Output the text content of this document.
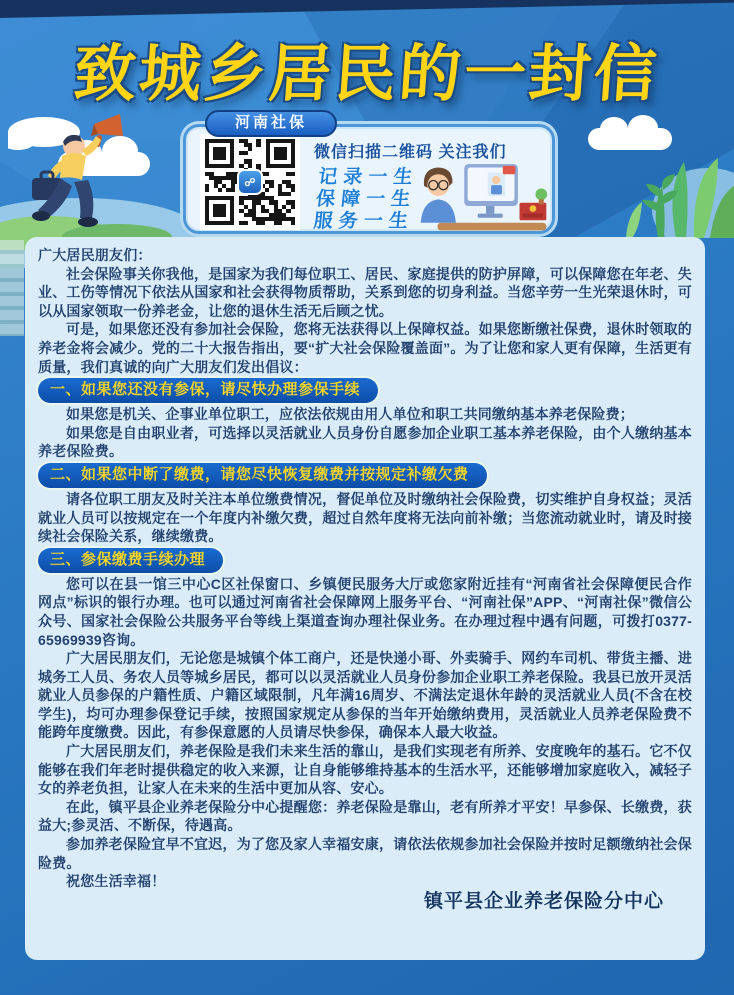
致城乡居民的一封信
河南社保
☍
微信扫描二维码 关注我们
记录一生
保障一生
服务一生

广大居民朋友们：

社会保险事关你我他，是国家为我们每位职工、居民、家庭提供的防护屏障，可以保障您在年老、失业、工伤等情况下依法从国家和社会获得物质帮助，关系到您的切身利益。当您辛劳一生光荣退休时，可以从国家领取一份养老金，让您的退休生活无后顾之忧。

可是，如果您还没有参加社会保险，您将无法获得以上保障权益。如果您断缴社保费，退休时领取的养老金将会减少。党的二十大报告指出，要“扩大社会保险覆盖面”。为了让您和家人更有保障，生活更有质量，我们真诚的向广大朋友们发出倡议：

一、如果您还没有参保，请尽快办理参保手续

如果您是机关、企事业单位职工，应依法依规由用人单位和职工共同缴纳基本养老保险费；

如果您是自由职业者，可选择以灵活就业人员身份自愿参加企业职工基本养老保险，由个人缴纳基本养老保险费。

二、如果您中断了缴费，请您尽快恢复缴费并按规定补缴欠费

请各位职工朋友及时关注本单位缴费情况，督促单位及时缴纳社会保险费，切实维护自身权益；灵活就业人员可以按规定在一个年度内补缴欠费，超过自然年度将无法向前补缴；当您流动就业时，请及时接续社会保险关系，继续缴费。

三、参保缴费手续办理

您可以在县一馆三中心C区社保窗口、乡镇便民服务大厅或您家附近挂有“河南省社会保障便民合作网点”标识的银行办理。也可以通过河南省社会保障网上服务平台、“河南社保”APP、“河南社保”微信公众号、国家社会保险公共服务平台等线上渠道查询办理社保业务。在办理过程中遇有问题，可拨打0377-65969939咨询。

广大居民朋友们，无论您是城镇个体工商户，还是快递小哥、外卖骑手、网约车司机、带货主播、进城务工人员、务农人员等城乡居民，都可以以灵活就业人员身份参加企业职工养老保险。我县已放开灵活就业人员参保的户籍性质、户籍区域限制，凡年满16周岁、不满法定退休年龄的灵活就业人员(不含在校学生)，均可办理参保登记手续，按照国家规定从参保的当年开始缴纳费用，灵活就业人员养老保险费不能跨年度缴费。因此，有参保意愿的人员请尽快参保，确保本人最大收益。

广大居民朋友们，养老保险是我们未来生活的靠山，是我们实现老有所养、安度晚年的基石。它不仅能够在我们年老时提供稳定的收入来源，让自身能够维持基本的生活水平，还能够增加家庭收入，减轻子女的养老负担，让家人在未来的生活中更加从容、安心。

在此，镇平县企业养老保险分中心提醒您：养老保险是靠山，老有所养才平安！早参保、长缴费，获益大;参灵活、不断保，待遇高。

参加养老保险宜早不宜迟，为了您及家人幸福安康，请依法依规参加社会保险并按时足额缴纳社会保险费。

祝您生活幸福！

镇平县企业养老保险分中心
